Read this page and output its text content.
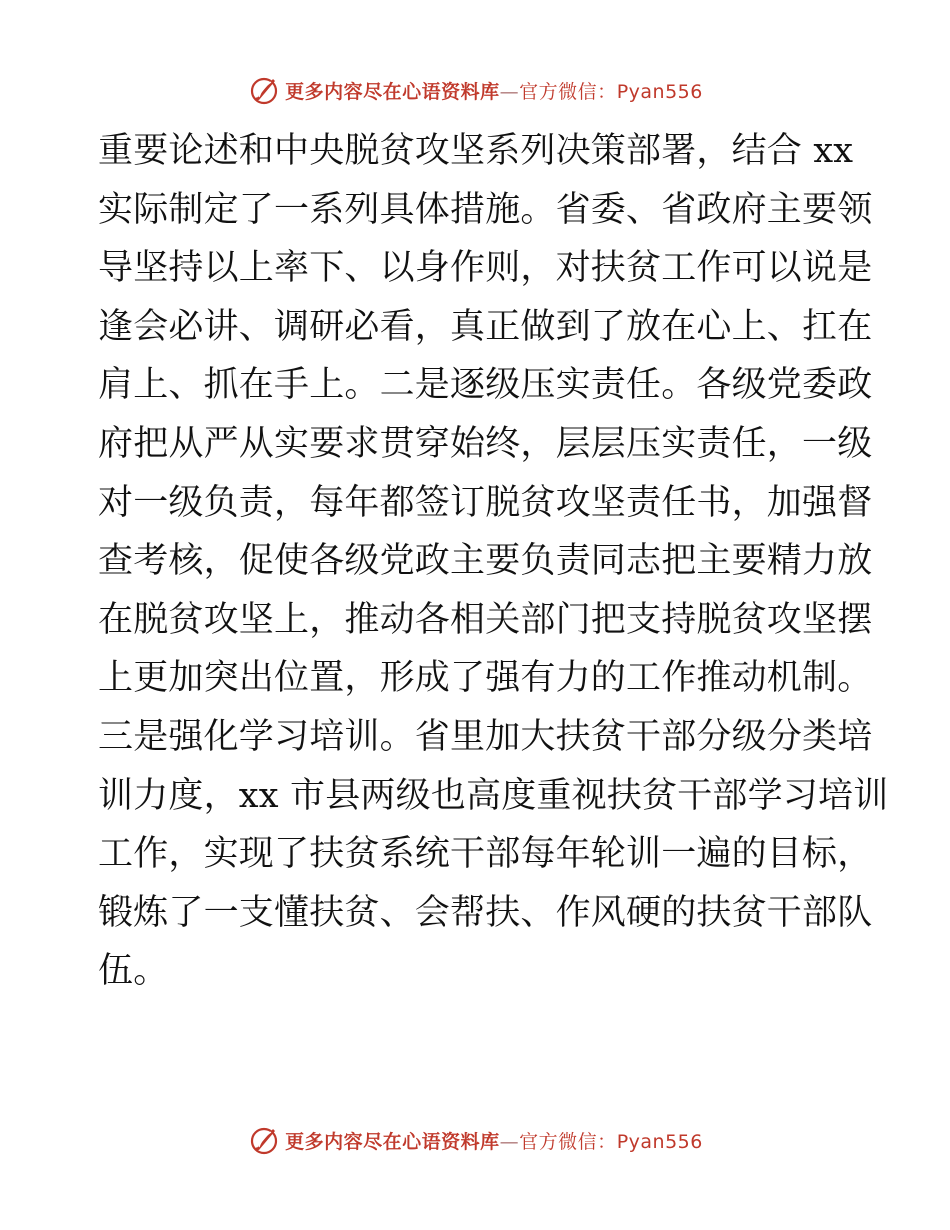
更多内容尽在心语资料库—官方微信：Pyan556
重要论述和中央脱贫攻坚系列决策部署，结合 xx
实际制定了一系列具体措施。省委、省政府主要领
导坚持以上率下、以身作则，对扶贫工作可以说是
逢会必讲、调研必看，真正做到了放在心上、扛在
肩上、抓在手上。二是逐级压实责任。各级党委政
府把从严从实要求贯穿始终，层层压实责任，一级
对一级负责，每年都签订脱贫攻坚责任书，加强督
查考核，促使各级党政主要负责同志把主要精力放
在脱贫攻坚上，推动各相关部门把支持脱贫攻坚摆
上更加突出位置，形成了强有力的工作推动机制。
三是强化学习培训。省里加大扶贫干部分级分类培
训力度，xx 市县两级也高度重视扶贫干部学习培训
工作，实现了扶贫系统干部每年轮训一遍的目标，
锻炼了一支懂扶贫、会帮扶、作风硬的扶贫干部队
伍。
更多内容尽在心语资料库—官方微信：Pyan556
